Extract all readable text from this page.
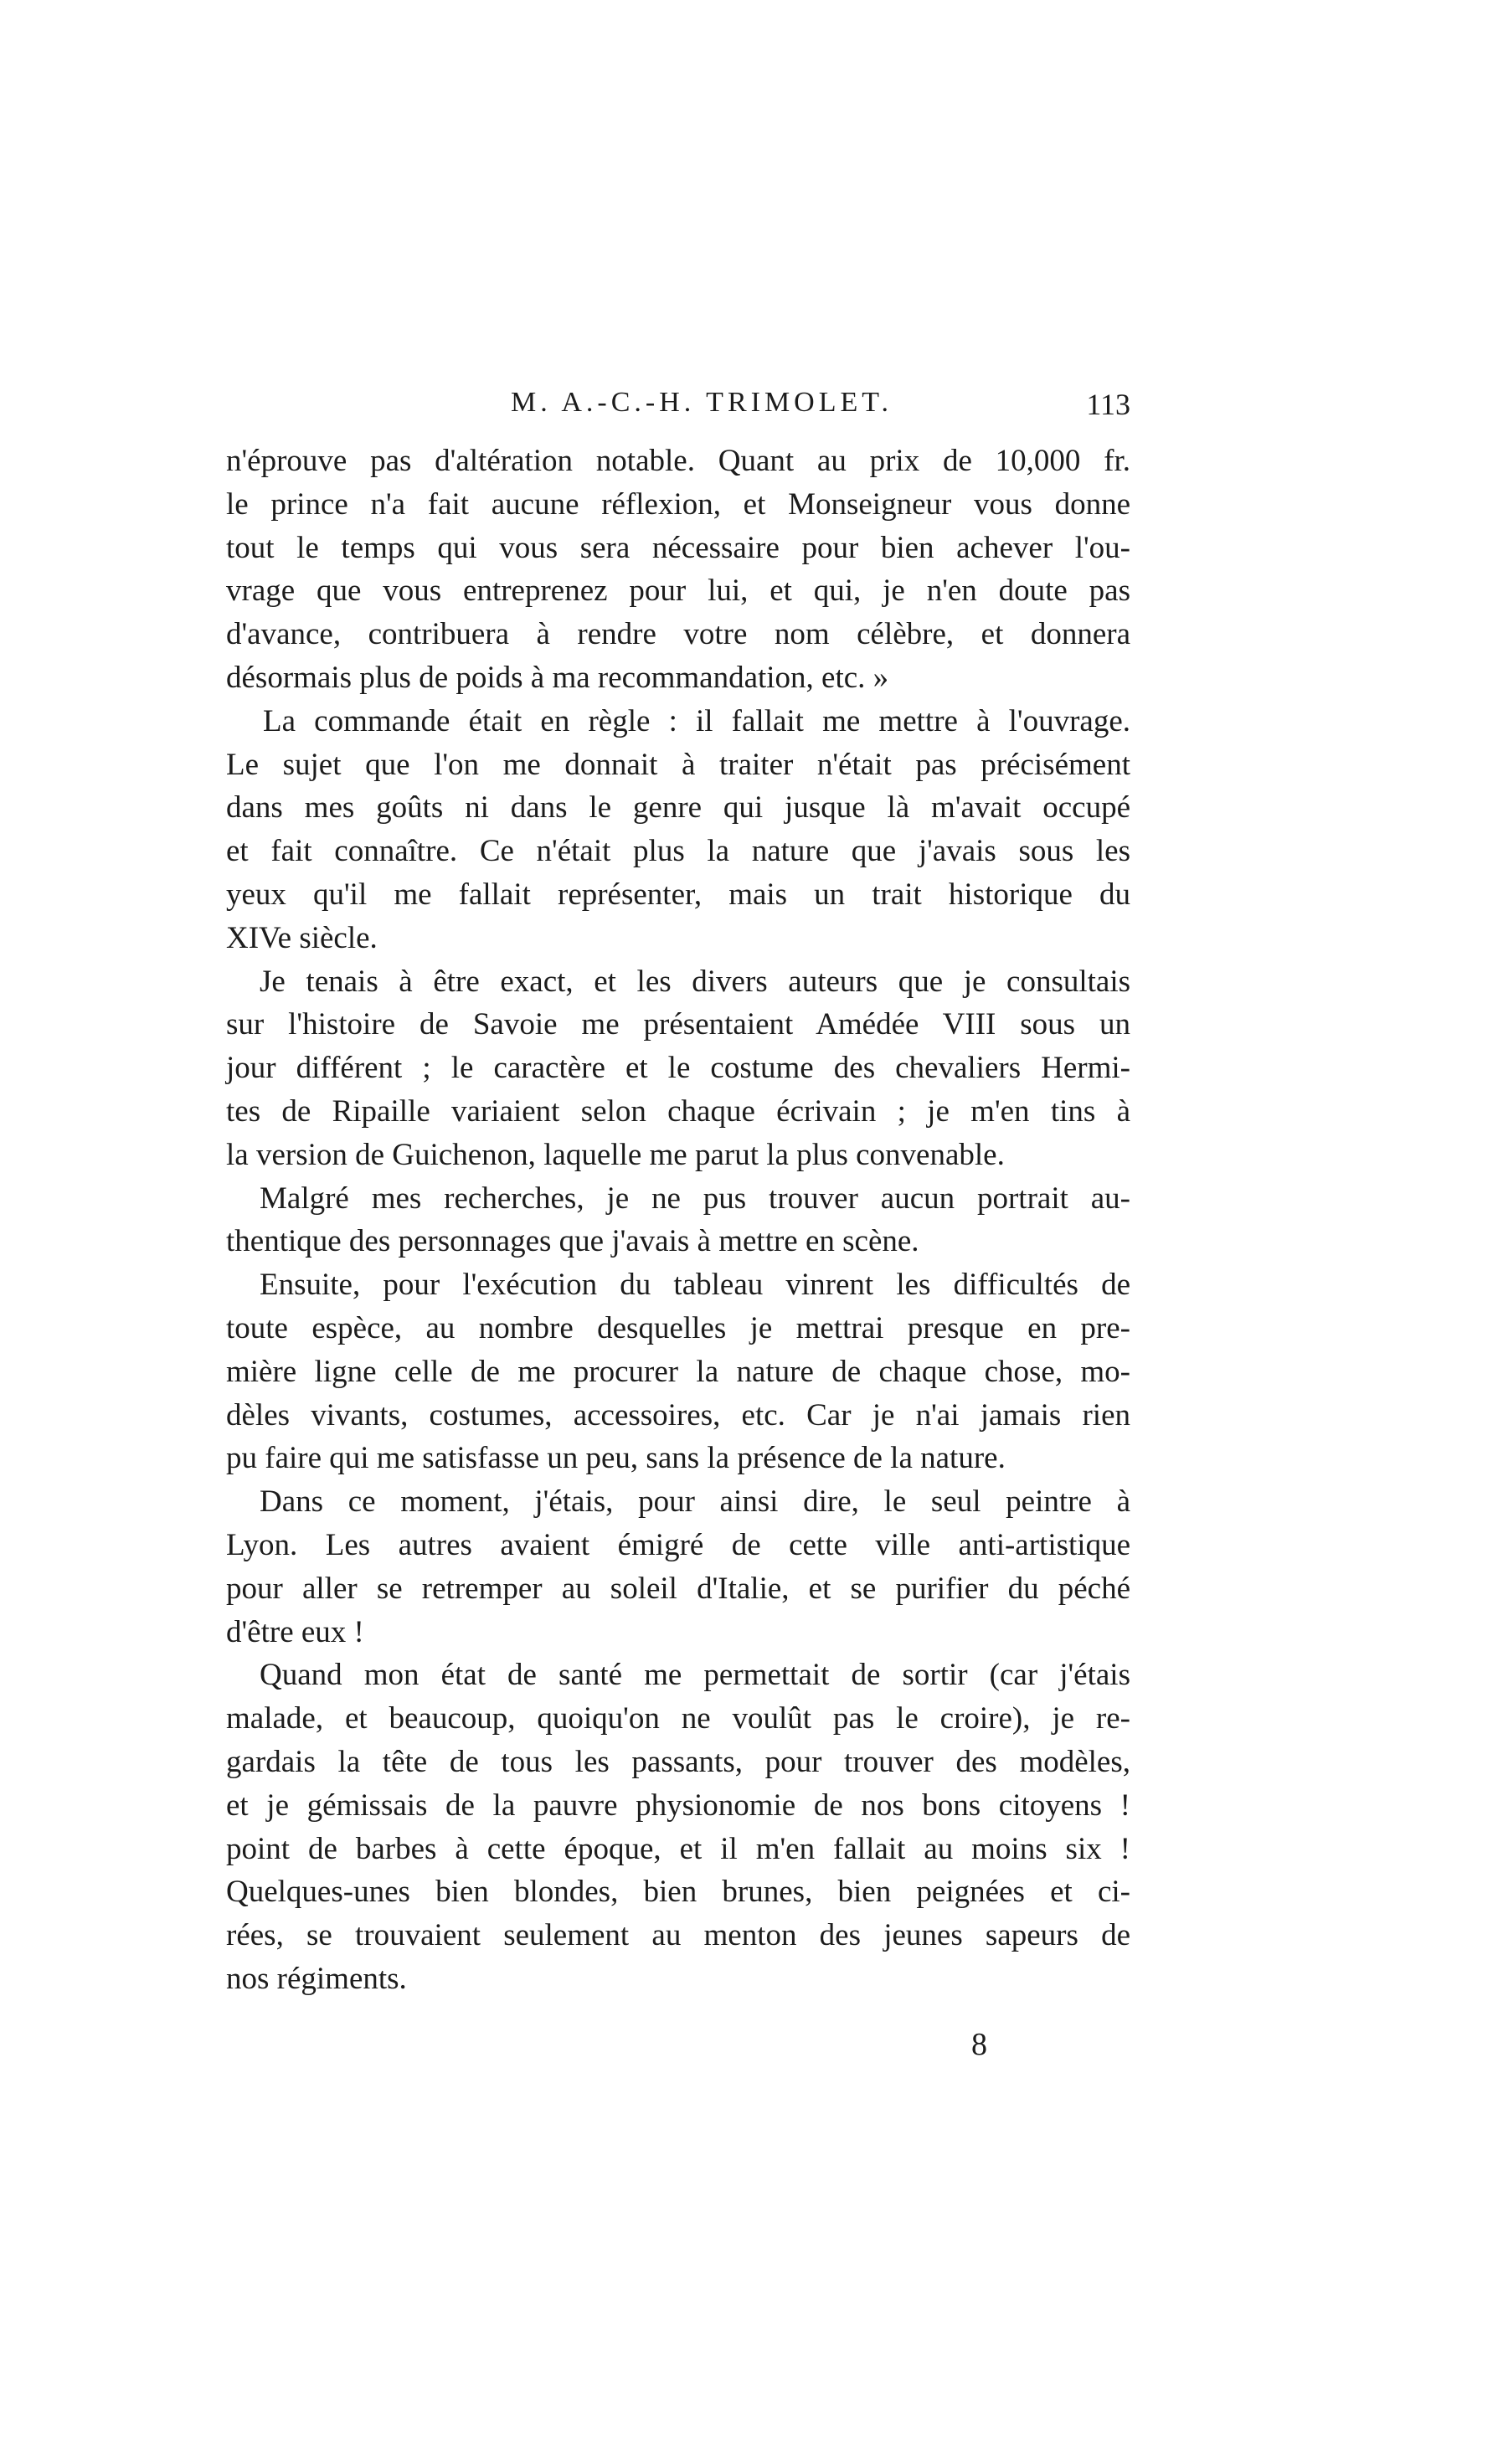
M. A.-C.-H. TRIMOLET.	113
n'éprouve pas d'altération notable. Quant au prix de 10,000 fr.
le prince n'a fait aucune réflexion, et Monseigneur vous donne
tout le temps qui vous sera nécessaire pour bien achever l'ou-
vrage que vous entreprenez pour lui, et qui, je n'en doute pas
d'avance, contribuera à rendre votre nom célèbre, et donnera
désormais plus de poids à ma recommandation, etc. »
La commande était en règle : il fallait me mettre à l'ouvrage.
Le sujet que l'on me donnait à traiter n'était pas précisément
dans mes goûts ni dans le genre qui jusque là m'avait occupé
et fait connaître. Ce n'était plus la nature que j'avais sous les
yeux qu'il me fallait représenter, mais un trait historique du
XIVe siècle.
Je tenais à être exact, et les divers auteurs que je consultais
sur l'histoire de Savoie me présentaient Amédée VIII sous un
jour différent ; le caractère et le costume des chevaliers Hermi-
tes de Ripaille variaient selon chaque écrivain ; je m'en tins à
la version de Guichenon, laquelle me parut la plus convenable.
Malgré mes recherches, je ne pus trouver aucun portrait au-
thentique des personnages que j'avais à mettre en scène.
Ensuite, pour l'exécution du tableau vinrent les difficultés de
toute espèce, au nombre desquelles je mettrai presque en pre-
mière ligne celle de me procurer la nature de chaque chose, mo-
dèles vivants, costumes, accessoires, etc. Car je n'ai jamais rien
pu faire qui me satisfasse un peu, sans la présence de la nature.
Dans ce moment, j'étais, pour ainsi dire, le seul peintre à
Lyon. Les autres avaient émigré de cette ville anti-artistique
pour aller se retremper au soleil d'Italie, et se purifier du péché
d'être eux !
Quand mon état de santé me permettait de sortir (car j'étais
malade, et beaucoup, quoiqu'on ne voulût pas le croire), je re-
gardais la tête de tous les passants, pour trouver des modèles,
et je gémissais de la pauvre physionomie de nos bons citoyens !
point de barbes à cette époque, et il m'en fallait au moins six !
Quelques-unes bien blondes, bien brunes, bien peignées et ci-
rées, se trouvaient seulement au menton des jeunes sapeurs de
nos régiments.
8
